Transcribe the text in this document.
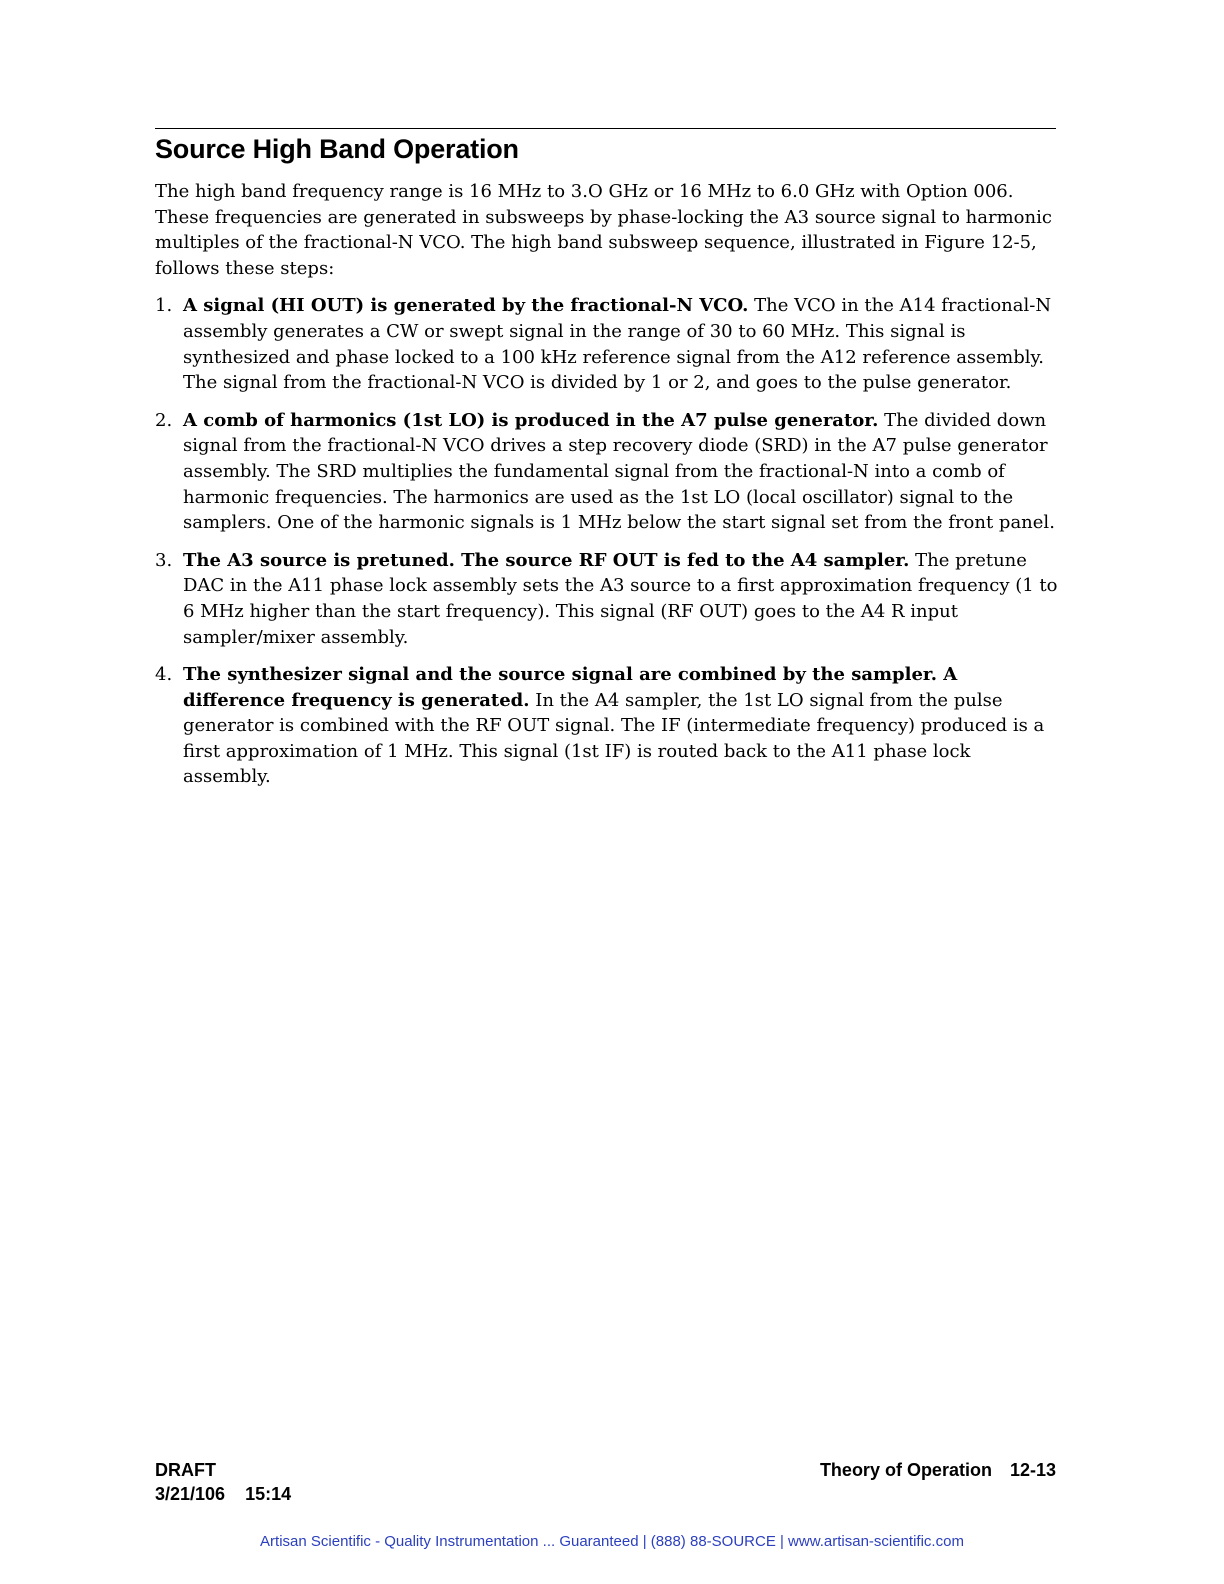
Source High Band Operation

The high band frequency range is 16 MHz to 3.O GHz or 16 MHz to 6.0 GHz with Option 006. These frequencies are generated in subsweeps by phase-locking the A3 source signal to harmonic multiples of the fractional-N VCO. The high band subsweep sequence, illustrated in Figure 12-5, follows these steps:

1. A signal (HI OUT) is generated by the fractional-N VCO. The VCO in the A14 fractional-N assembly generates a CW or swept signal in the range of 30 to 60 MHz. This signal is synthesized and phase locked to a 100 kHz reference signal from the A12 reference assembly. The signal from the fractional-N VCO is divided by 1 or 2, and goes to the pulse generator.
2. A comb of harmonics (1st LO) is produced in the A7 pulse generator. The divided down signal from the fractional-N VCO drives a step recovery diode (SRD) in the A7 pulse generator assembly. The SRD multiplies the fundamental signal from the fractional-N into a comb of harmonic frequencies. The harmonics are used as the 1st LO (local oscillator) signal to the samplers. One of the harmonic signals is 1 MHz below the start signal set from the front panel.
3. The A3 source is pretuned. The source RF OUT is fed to the A4 sampler. The pretune DAC in the A11 phase lock assembly sets the A3 source to a first approximation frequency (1 to 6 MHz higher than the start frequency). This signal (RF OUT) goes to the A4 R input sampler/mixer assembly.
4. The synthesizer signal and the source signal are combined by the sampler. A difference frequency is generated. In the A4 sampler, the 1st LO signal from the pulse generator is combined with the RF OUT signal. The IF (intermediate frequency) produced is a first approximation of 1 MHz. This signal (1st IF) is routed back to the A11 phase lock assembly.
DRAFT
3/21/106 15:14
Theory of Operation 12-13
Artisan Scientific - Quality Instrumentation ... Guaranteed | (888) 88-SOURCE | www.artisan-scientific.com
